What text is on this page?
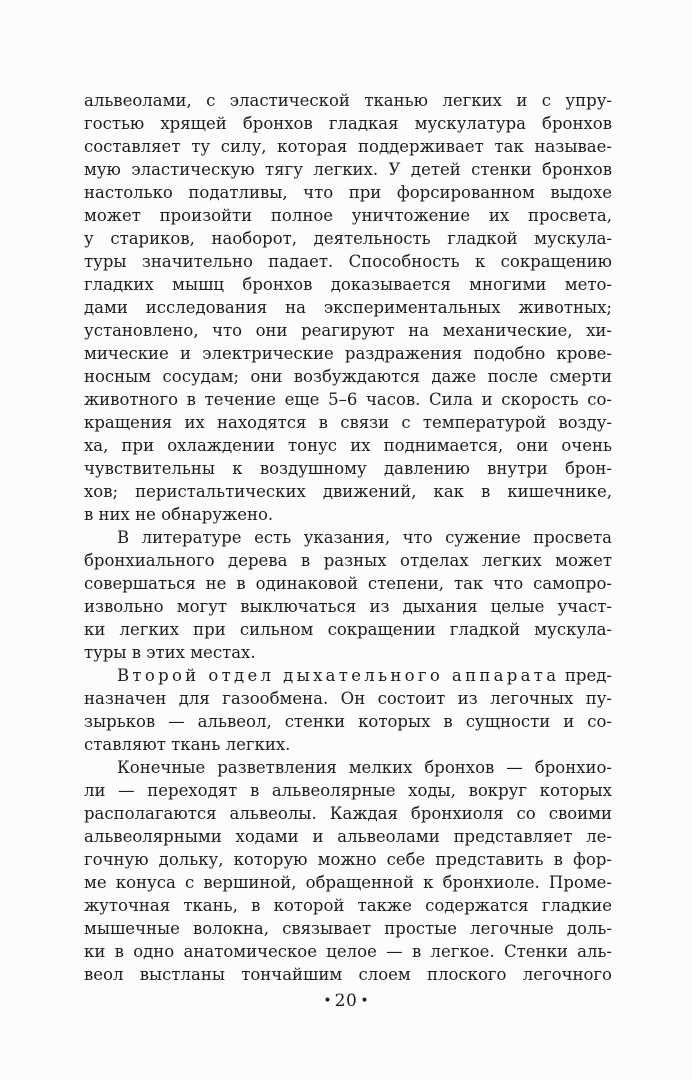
альвеолами, с эластической тканью легких и с упру-
гостью хрящей бронхов гладкая мускулатура бронхов
составляет ту силу, которая поддерживает так называе-
мую эластическую тягу легких. У детей стенки бронхов
настолько податливы, что при форсированном выдохе
может произойти полное уничтожение их просвета,
у стариков, наоборот, деятельность гладкой мускула-
туры значительно падает. Способность к сокращению
гладких мышц бронхов доказывается многими мето-
дами исследования на экспериментальных животных;
установлено, что они реагируют на механические, хи-
мические и электрические раздражения подобно крове-
носным сосудам; они возбуждаются даже после смерти
животного в течение еще 5–6 часов. Сила и скорость со-
кращения их находятся в связи с температурой возду-
ха, при охлаждении тонус их поднимается, они очень
чувствительны к воздушному давлению внутри брон-
хов; перистальтических движений, как в кишечнике,
в них не обнаружено.
В литературе есть указания, что сужение просвета
бронхиального дерева в разных отделах легких может
совершаться не в одинаковой степени, так что самопро-
извольно могут выключаться из дыхания целые участ-
ки легких при сильном сокращении гладкой мускула-
туры в этих местах.
Второй отдел дыхательного аппарата пред-
назначен для газообмена. Он состоит из легочных пу-
зырьков — альвеол, стенки которых в сущности и со-
ставляют ткань легких.
Конечные разветвления мелких бронхов — бронхио-
ли — переходят в альвеолярные ходы, вокруг которых
располагаются альвеолы. Каждая бронхиоля со своими
альвеолярными ходами и альвеолами представляет ле-
гочную дольку, которую можно себе представить в фор-
ме конуса с вершиной, обращенной к бронхиоле. Проме-
жуточная ткань, в которой также содержатся гладкие
мышечные волокна, связывает простые легочные доль-
ки в одно анатомическое целое — в легкое. Стенки аль-
веол выстланы тончайшим слоем плоского легочного
• 20 •
